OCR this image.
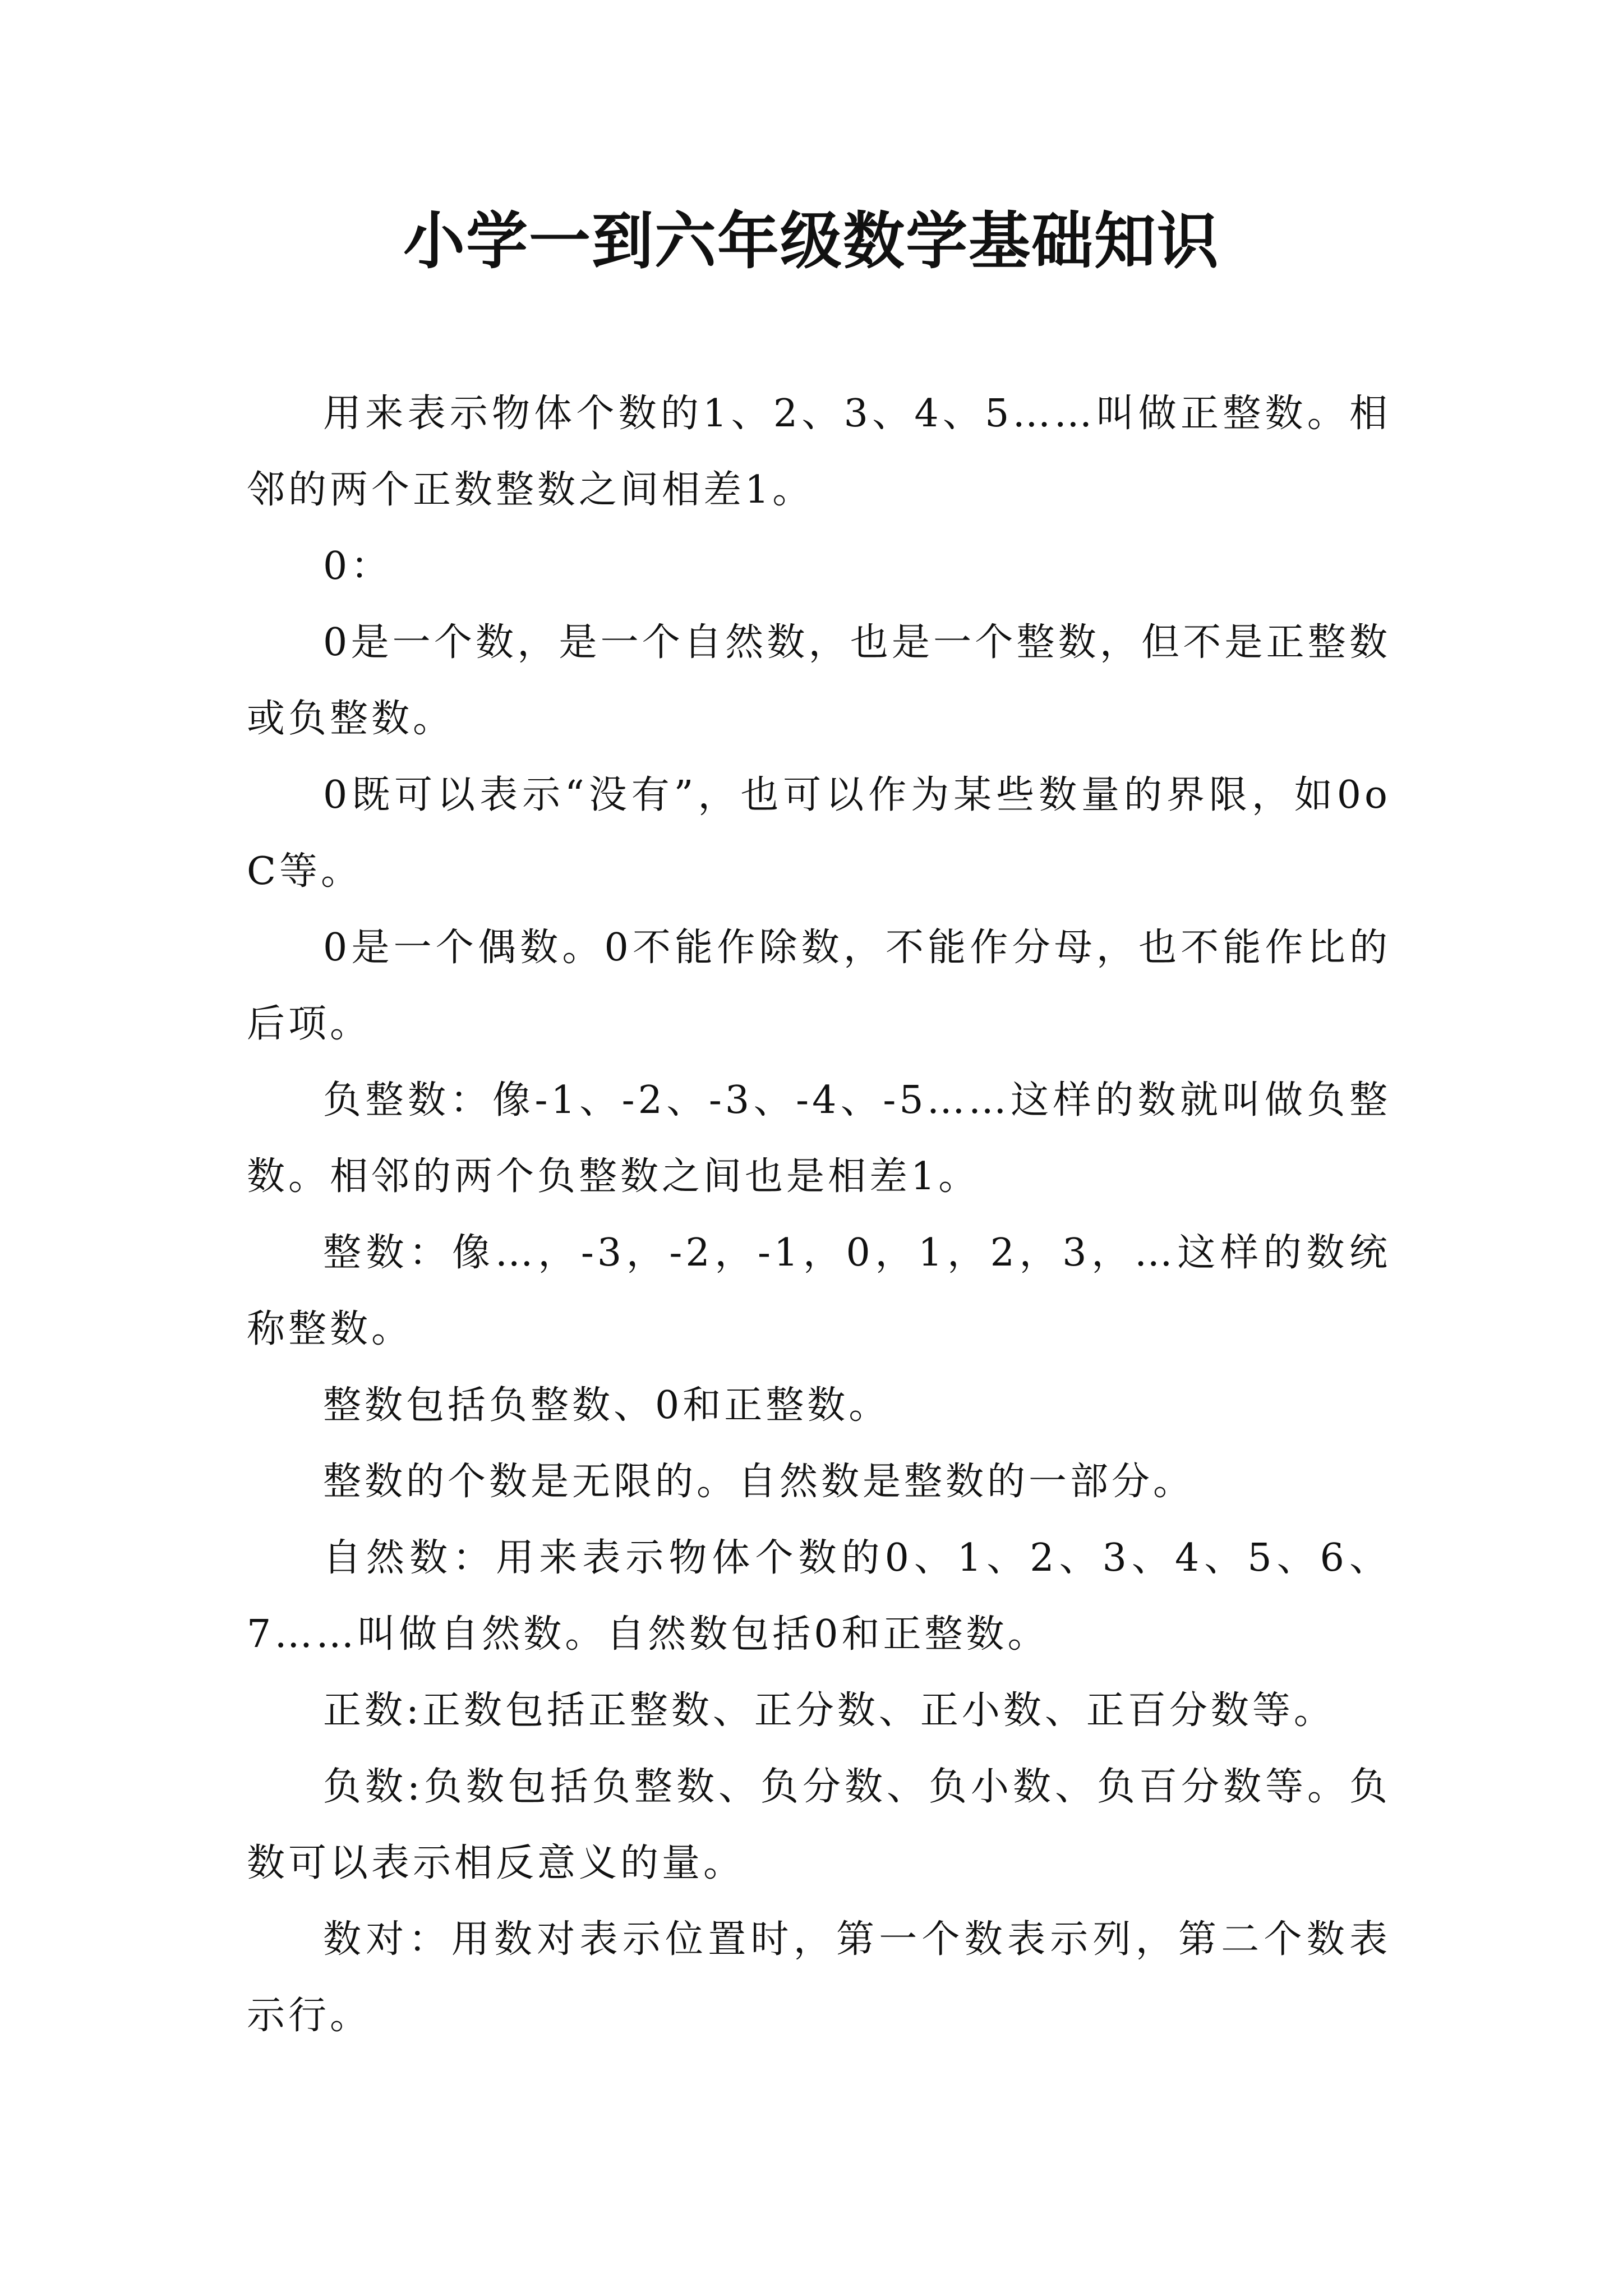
小学一到六年级数学基础知识

用来表示物体个数的1、2、3、4、5……叫做正整数。相邻的两个正数整数之间相差1。

0：

0是一个数，是一个自然数，也是一个整数，但不是正整数或负整数。

0既可以表示“没有”，也可以作为某些数量的界限，如0oC等。

0是一个偶数。0不能作除数，不能作分母，也不能作比的后项。

负整数：像-1、-2、-3、-4、-5……这样的数就叫做负整数。相邻的两个负整数之间也是相差1。

整数：像…，-3，-2，-1，0，1，2，3，…这样的数统称整数。

整数包括负整数、0和正整数。

整数的个数是无限的。自然数是整数的一部分。

自然数：用来表示物体个数的0、1、2、3、4、5、6、7……叫做自然数。自然数包括0和正整数。

正数:正数包括正整数、正分数、正小数、正百分数等。

负数:负数包括负整数、负分数、负小数、负百分数等。负数可以表示相反意义的量。

数对：用数对表示位置时，第一个数表示列，第二个数表示行。
